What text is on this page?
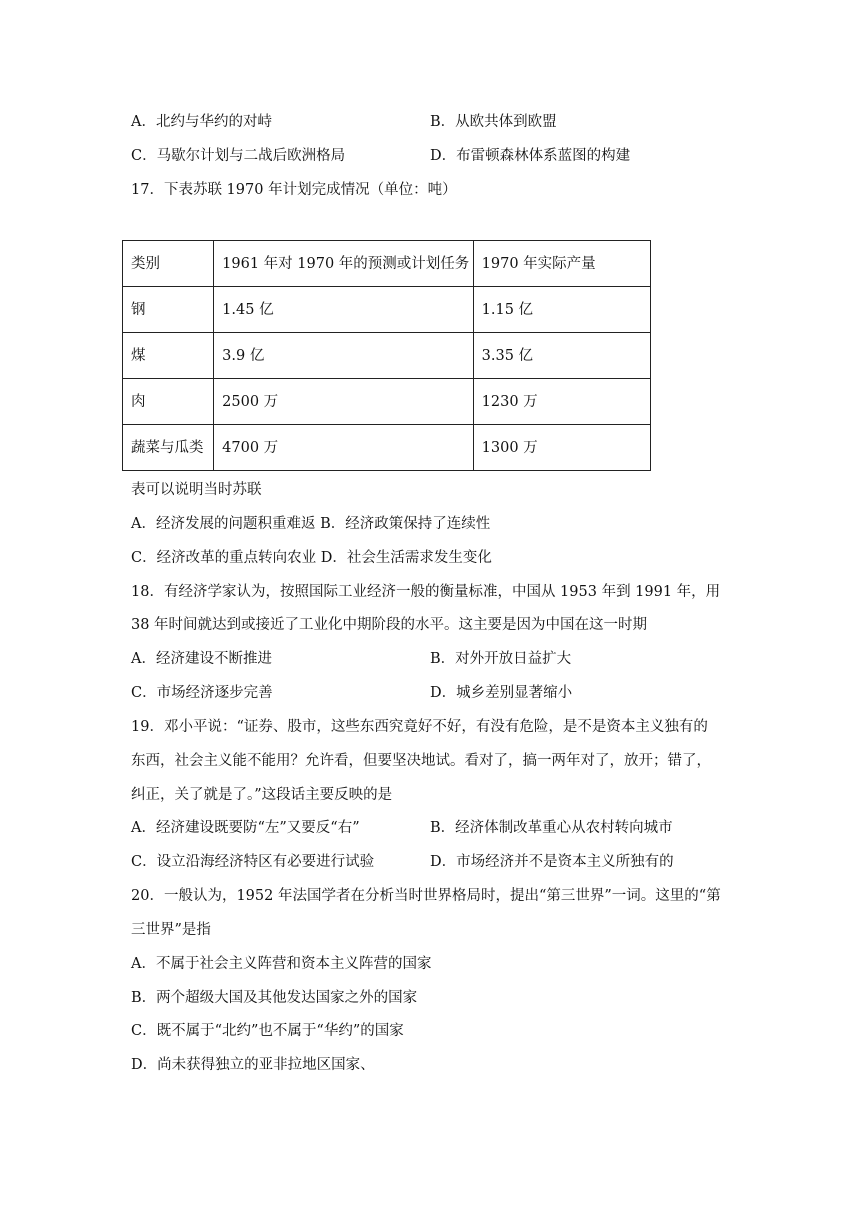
A．北约与华约的对峙	B．从欧共体到欧盟
C．马歇尔计划与二战后欧洲格局	D．布雷顿森林体系蓝图的构建
17．下表苏联 1970 年计划完成情况（单位：吨）
类别	1961 年对 1970 年的预测或计划任务	1970 年实际产量
钢	1.45 亿	1.15 亿
煤	3.9 亿	3.35 亿
肉	2500 万	1230 万
蔬菜与瓜类	4700 万	1300 万
表可以说明当时苏联
A．经济发展的问题积重难返 B．经济政策保持了连续性
C．经济改革的重点转向农业 D．社会生活需求发生变化
18．有经济学家认为，按照国际工业经济一般的衡量标准，中国从 1953 年到 1991 年，用
38 年时间就达到或接近了工业化中期阶段的水平。这主要是因为中国在这一时期
A．经济建设不断推进	B．对外开放日益扩大
C．市场经济逐步完善	D．城乡差别显著缩小
19．邓小平说：“证券、股市，这些东西究竟好不好，有没有危险，是不是资本主义独有的
东西，社会主义能不能用？允许看，但要坚决地试。看对了，搞一两年对了，放开；错了，
纠正，关了就是了。”这段话主要反映的是
A．经济建设既要防“左”又要反“右”	B．经济体制改革重心从农村转向城市
C．设立沿海经济特区有必要进行试验	D．市场经济并不是资本主义所独有的
20．一般认为，1952 年法国学者在分析当时世界格局时，提出“第三世界”一词。这里的“第
三世界”是指
A．不属于社会主义阵营和资本主义阵营的国家
B．两个超级大国及其他发达国家之外的国家
C．既不属于“北约”也不属于“华约”的国家
D．尚未获得独立的亚非拉地区国家、
